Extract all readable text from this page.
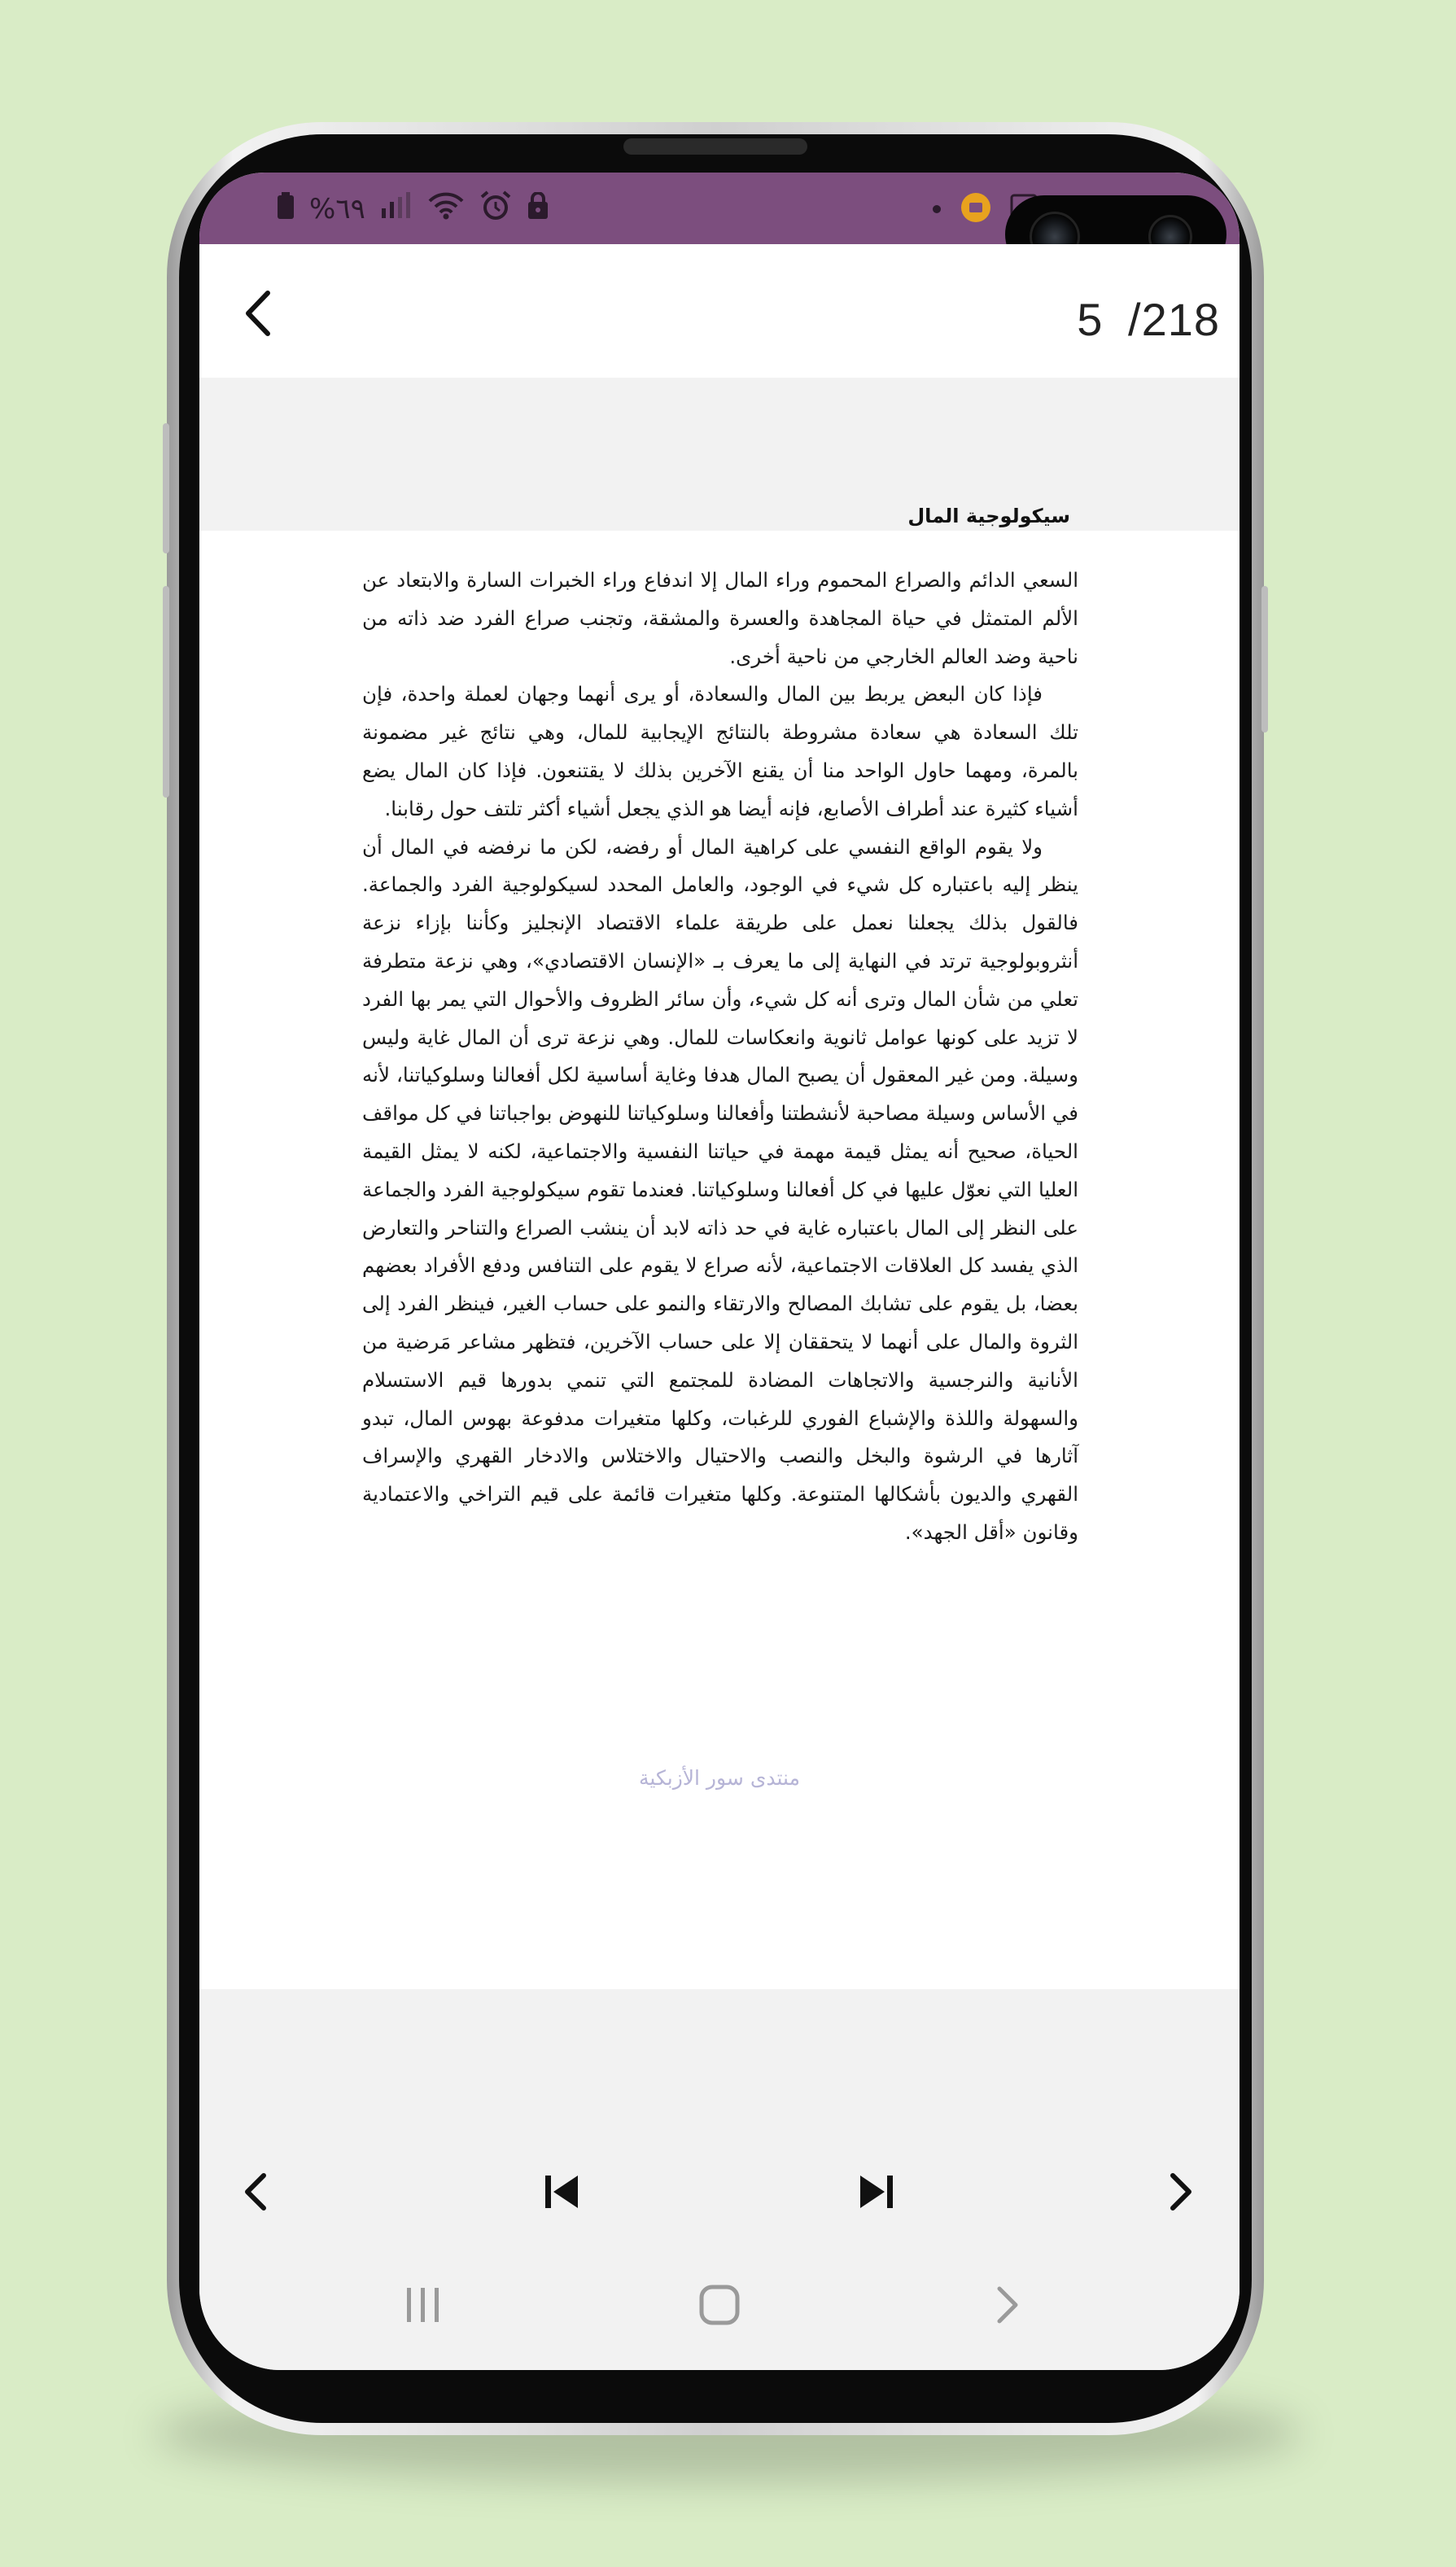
%٦٩
5 /218
سيكولوجية المال

السعي الدائم والصراع المحموم وراء المال إلا اندفاع وراء الخبرات السارة والابتعاد عن الألم المتمثل في حياة المجاهدة والعسرة والمشقة، وتجنب صراع الفرد ضد ذاته من ناحية وضد العالم الخارجي من ناحية أخرى.

فإذا كان البعض يربط بين المال والسعادة، أو يرى أنهما وجهان لعملة واحدة، فإن تلك السعادة هي سعادة مشروطة بالنتائج الإيجابية للمال، وهي نتائج غير مضمونة بالمرة، ومهما حاول الواحد منا أن يقنع الآخرين بذلك لا يقتنعون. فإذا كان المال يضع أشياء كثيرة عند أطراف الأصابع، فإنه أيضا هو الذي يجعل أشياء أكثر تلتف حول رقابنا.

ولا يقوم الواقع النفسي على كراهية المال أو رفضه، لكن ما نرفضه في المال أن ينظر إليه باعتباره كل شيء في الوجود، والعامل المحدد لسيكولوجية الفرد والجماعة. فالقول بذلك يجعلنا نعمل على طريقة علماء الاقتصاد الإنجليز وكأننا بإزاء نزعة أنثروبولوجية ترتد في النهاية إلى ما يعرف بـ «الإنسان الاقتصادي»، وهي نزعة متطرفة تعلي من شأن المال وترى أنه كل شيء، وأن سائر الظروف والأحوال التي يمر بها الفرد لا تزيد على كونها عوامل ثانوية وانعكاسات للمال. وهي نزعة ترى أن المال غاية وليس وسيلة. ومن غير المعقول أن يصبح المال هدفا وغاية أساسية لكل أفعالنا وسلوكياتنا، لأنه في الأساس وسيلة مصاحبة لأنشطتنا وأفعالنا وسلوكياتنا للنهوض بواجباتنا في كل مواقف الحياة، صحيح أنه يمثل قيمة مهمة في حياتنا النفسية والاجتماعية، لكنه لا يمثل القيمة العليا التي نعوّل عليها في كل أفعالنا وسلوكياتنا. فعندما تقوم سيكولوجية الفرد والجماعة على النظر إلى المال باعتباره غاية في حد ذاته لابد أن ينشب الصراع والتناحر والتعارض الذي يفسد كل العلاقات الاجتماعية، لأنه صراع لا يقوم على التنافس ودفع الأفراد بعضهم بعضا، بل يقوم على تشابك المصالح والارتقاء والنمو على حساب الغير، فينظر الفرد إلى الثروة والمال على أنهما لا يتحققان إلا على حساب الآخرين، فتظهر مشاعر مَرضية من الأنانية والنرجسية والاتجاهات المضادة للمجتمع التي تنمي بدورها قيم الاستسلام والسهولة واللذة والإشباع الفوري للرغبات، وكلها متغيرات مدفوعة بهوس المال، تبدو آثارها في الرشوة والبخل والنصب والاحتيال والاختلاس والادخار القهري والإسراف القهري والديون بأشكالها المتنوعة. وكلها متغيرات قائمة على قيم التراخي والاعتمادية وقانون «أقل الجهد».

منتدى سور الأزبكية
